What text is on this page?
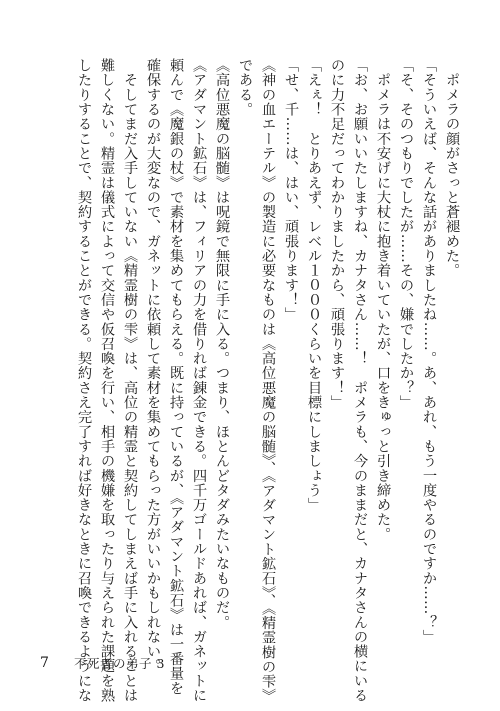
　ポメラの顔がさっと蒼褪めた。
「そういえば、そんな話がありましたね……。あ、あれ、もう一度やるのですか……？」
「そ、そのつもりでしたが……その、嫌でしたか？」
　ポメラは不安げに大杖に抱き着いていたが、口をきゅっと引き締めた。
「お、お願いいたしますね、カナタさん……！　ポメラも、今のままだと、カナタさんの横にいる
のに力不足だってわかりましたから、頑張ります！」
「えぇ！　とりあえず、レベル１０００くらいを目標にしましょう」
「せ、千……は、はい、頑張ります！」
《神の血エーテル》の製造に必要なものは《高位悪魔の脳髄》、《アダマント鉱石》、《精霊樹の雫》
である。
《高位悪魔の脳髄》は呪鏡で無限に手に入る。つまり、ほとんどタダみたいなものだ。
《アダマント鉱石》は、フィリアの力を借りれば錬金できる。四千万ゴールドあれば、ガネットに
頼んで《魔銀の杖》で素材を集めてもらえる。既に持っているが、《アダマント鉱石》は一番量を
確保するのが大変なので、ガネットに依頼して素材を集めてもらった方がいいかもしれない。
　そしてまだ入手していない《精霊樹の雫》は、高位の精霊と契約してしまえば手に入れることは
難しくない。精霊は儀式によって交信や仮召喚を行い、相手の機嫌を取ったり与えられた課題を熟
したりすることで、契約することができる。契約さえ完了すれば好きなときに召喚できるようにな
7 不死者の弟子 3
